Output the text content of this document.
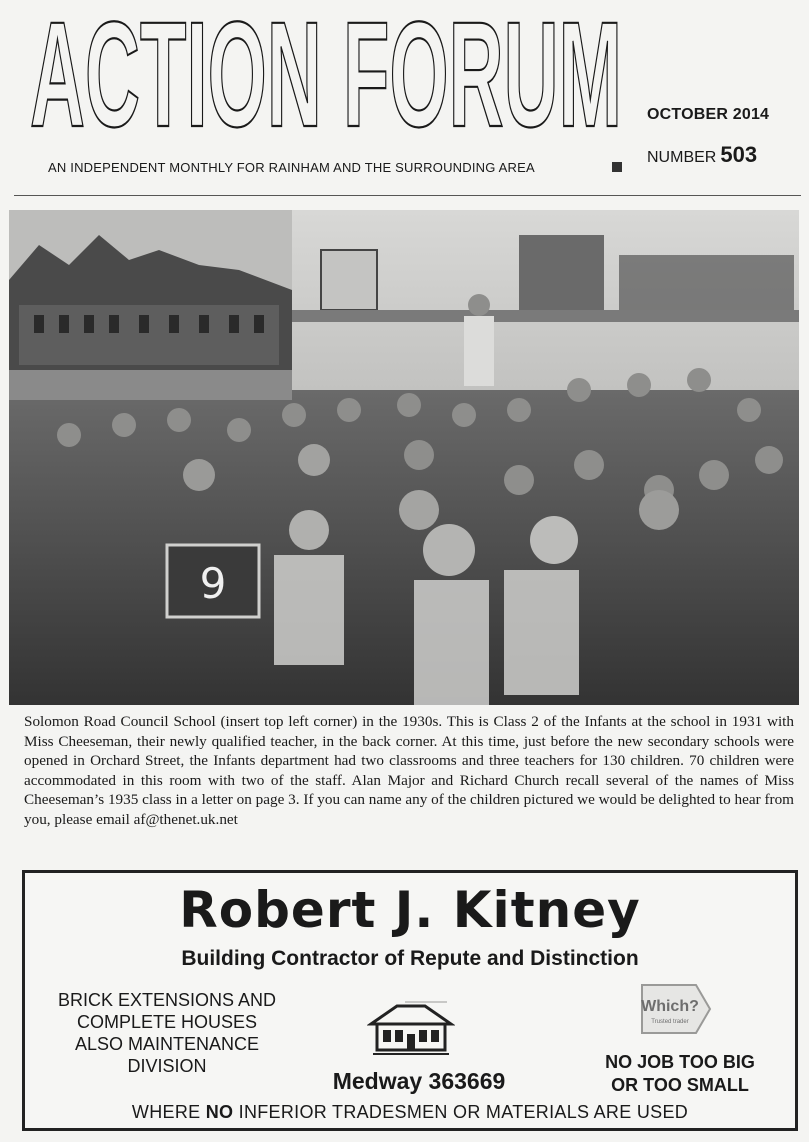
ACTION FORUM OCTOBER 2014
NUMBER 503
AN INDEPENDENT MONTHLY FOR RAINHAM AND THE SURROUNDING AREA
9
Solomon Road Council School (insert top left corner) in the 1930s. This is Class 2 of the Infants at the school in 1931 with Miss Cheeseman, their newly qualified teacher, in the back corner. At this time, just before the new secondary schools were opened in Orchard Street, the Infants department had two classrooms and three teachers for 130 children. 70 children were accommodated in this room with two of the staff. Alan Major and Richard Church recall several of the names of Miss Cheeseman’s 1935 class in a letter on page 3. If you can name any of the children pictured we would be delighted to hear from you, please email af@thenet.uk.net
Robert J. Kitney
Building Contractor of Repute and Distinction
BRICK EXTENSIONS AND
COMPLETE HOUSES
ALSO MAINTENANCE
DIVISION
Which?
Trusted trader
NO JOB TOO BIG
OR TOO SMALL
Medway 363669
WHERE NO INFERIOR TRADESMEN OR MATERIALS ARE USED
